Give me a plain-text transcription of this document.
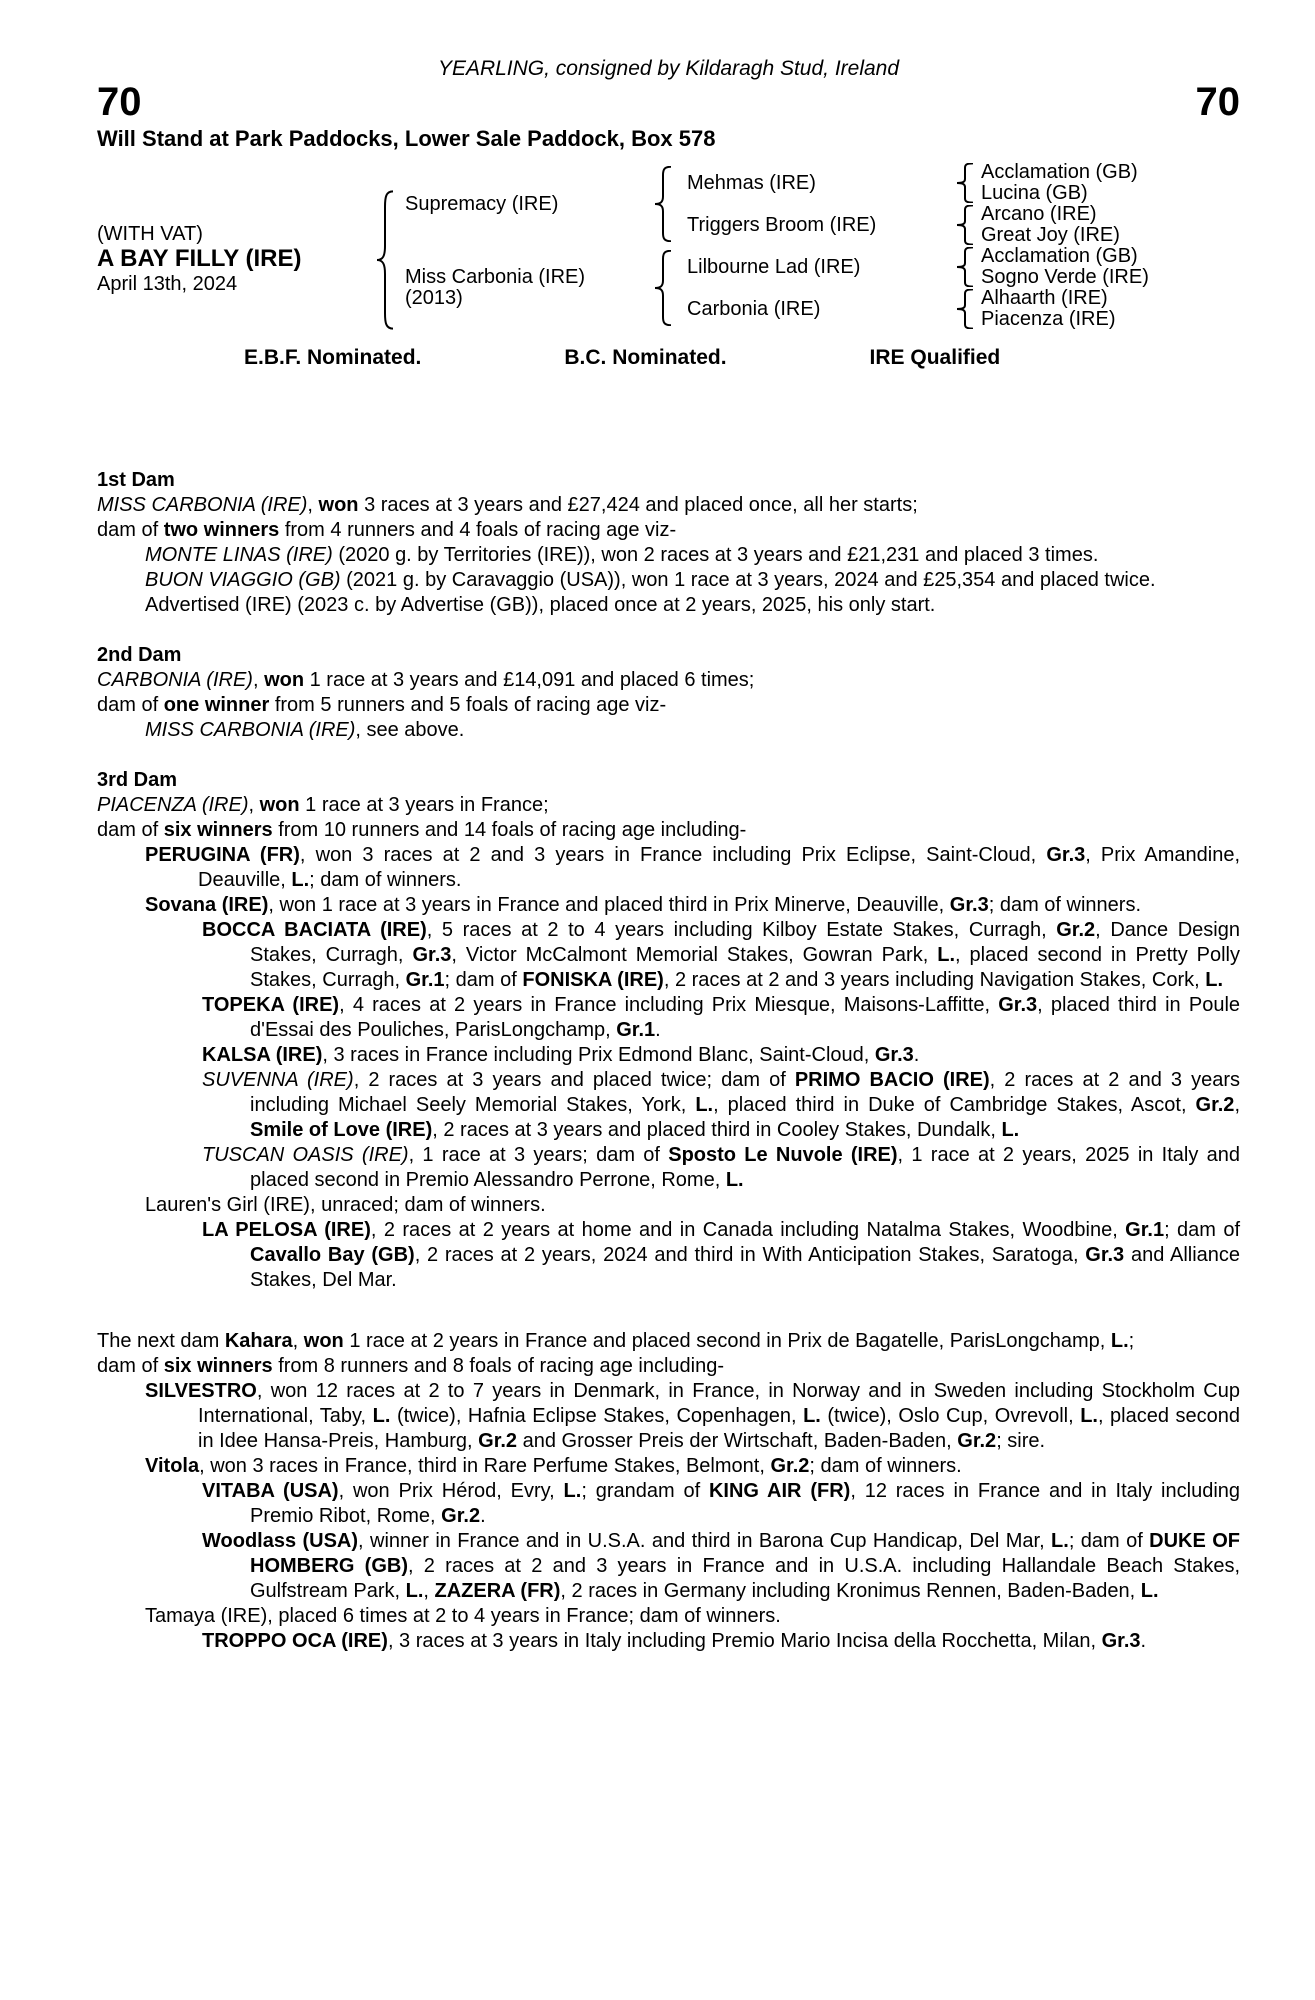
YEARLING, consigned by Kildaragh Stud, Ireland
70	70
Will Stand at Park Paddocks, Lower Sale Paddock, Box 578
(WITH VAT)
A BAY FILLY (IRE)
April 13th, 2024
Supremacy (IRE)
Miss Carbonia (IRE)
(2013)
Mehmas (IRE)
Triggers Broom (IRE)
Lilbourne Lad (IRE)
Carbonia (IRE)
Acclamation (GB)
Lucina (GB)
Arcano (IRE)
Great Joy (IRE)
Acclamation (GB)
Sogno Verde (IRE)
Alhaarth (IRE)
Piacenza (IRE)
E.B.F. Nominated.	B.C. Nominated.	IRE Qualified
1st Dam

MISS CARBONIA (IRE), won 3 races at 3 years and £27,424 and placed once, all her starts;

dam of two winners from 4 runners and 4 foals of racing age viz-

MONTE LINAS (IRE) (2020 g. by Territories (IRE)), won 2 races at 3 years and £21,231 and placed 3 times.

BUON VIAGGIO (GB) (2021 g. by Caravaggio (USA)), won 1 race at 3 years, 2024 and £25,354 and placed twice.

Advertised (IRE) (2023 c. by Advertise (GB)), placed once at 2 years, 2025, his only start.

2nd Dam

CARBONIA (IRE), won 1 race at 3 years and £14,091 and placed 6 times;

dam of one winner from 5 runners and 5 foals of racing age viz-

MISS CARBONIA (IRE), see above.

3rd Dam

PIACENZA (IRE), won 1 race at 3 years in France;

dam of six winners from 10 runners and 14 foals of racing age including-

PERUGINA (FR), won 3 races at 2 and 3 years in France including Prix Eclipse, Saint-Cloud, Gr.3, Prix Amandine, Deauville, L.; dam of winners.

Sovana (IRE), won 1 race at 3 years in France and placed third in Prix Minerve, Deauville, Gr.3; dam of winners.

BOCCA BACIATA (IRE), 5 races at 2 to 4 years including Kilboy Estate Stakes, Curragh, Gr.2, Dance Design Stakes, Curragh, Gr.3, Victor McCalmont Memorial Stakes, Gowran Park, L., placed second in Pretty Polly Stakes, Curragh, Gr.1; dam of FONISKA (IRE), 2 races at 2 and 3 years including Navigation Stakes, Cork, L.

TOPEKA (IRE), 4 races at 2 years in France including Prix Miesque, Maisons-Laffitte, Gr.3, placed third in Poule d'Essai des Pouliches, ParisLongchamp, Gr.1.

KALSA (IRE), 3 races in France including Prix Edmond Blanc, Saint-Cloud, Gr.3.

SUVENNA (IRE), 2 races at 3 years and placed twice; dam of PRIMO BACIO (IRE), 2 races at 2 and 3 years including Michael Seely Memorial Stakes, York, L., placed third in Duke of Cambridge Stakes, Ascot, Gr.2, Smile of Love (IRE), 2 races at 3 years and placed third in Cooley Stakes, Dundalk, L.

TUSCAN OASIS (IRE), 1 race at 3 years; dam of Sposto Le Nuvole (IRE), 1 race at 2 years, 2025 in Italy and placed second in Premio Alessandro Perrone, Rome, L.

Lauren's Girl (IRE), unraced; dam of winners.

LA PELOSA (IRE), 2 races at 2 years at home and in Canada including Natalma Stakes, Woodbine, Gr.1; dam of Cavallo Bay (GB), 2 races at 2 years, 2024 and third in With Anticipation Stakes, Saratoga, Gr.3 and Alliance Stakes, Del Mar.

The next dam Kahara, won 1 race at 2 years in France and placed second in Prix de Bagatelle, ParisLongchamp, L.;

dam of six winners from 8 runners and 8 foals of racing age including-

SILVESTRO, won 12 races at 2 to 7 years in Denmark, in France, in Norway and in Sweden including Stockholm Cup International, Taby, L. (twice), Hafnia Eclipse Stakes, Copenhagen, L. (twice), Oslo Cup, Ovrevoll, L., placed second in Idee Hansa-Preis, Hamburg, Gr.2 and Grosser Preis der Wirtschaft, Baden-Baden, Gr.2; sire.

Vitola, won 3 races in France, third in Rare Perfume Stakes, Belmont, Gr.2; dam of winners.

VITABA (USA), won Prix Hérod, Evry, L.; grandam of KING AIR (FR), 12 races in France and in Italy including Premio Ribot, Rome, Gr.2.

Woodlass (USA), winner in France and in U.S.A. and third in Barona Cup Handicap, Del Mar, L.; dam of DUKE OF HOMBERG (GB), 2 races at 2 and 3 years in France and in U.S.A. including Hallandale Beach Stakes, Gulfstream Park, L., ZAZERA (FR), 2 races in Germany including Kronimus Rennen, Baden-Baden, L.

Tamaya (IRE), placed 6 times at 2 to 4 years in France; dam of winners.

TROPPO OCA (IRE), 3 races at 3 years in Italy including Premio Mario Incisa della Rocchetta, Milan, Gr.3.
